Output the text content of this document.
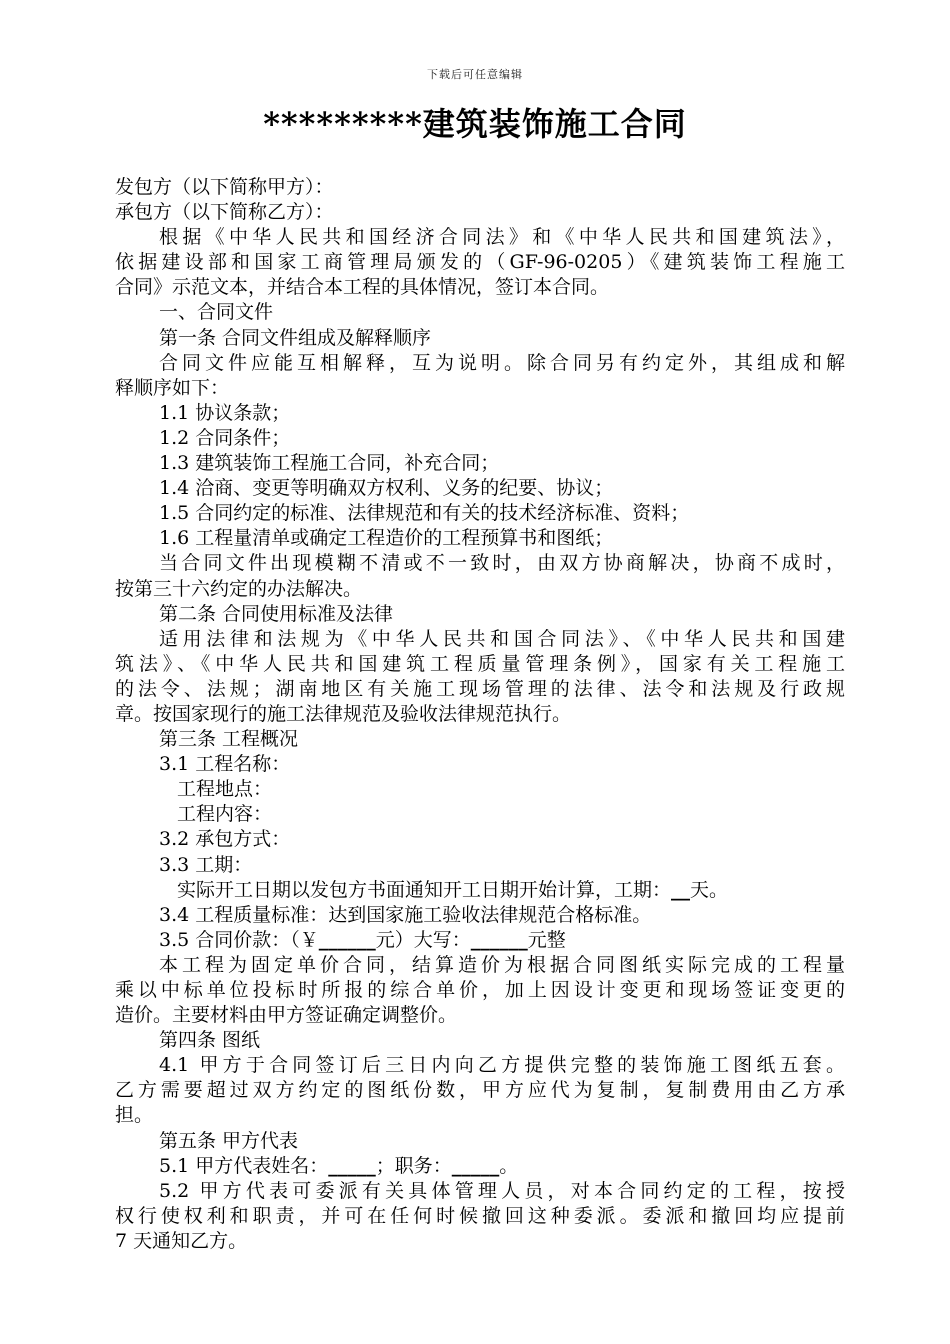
下载后可任意编辑
*********建筑装饰施工合同
发包方（以下简称甲方）：
承包方（以下简称乙方）：
根据《中华人民共和国经济合同法》和《中华人民共和国建筑法》，
依据建设部和国家工商管理局颁发的（GF-96-0205）《建筑装饰工程施工
合同》示范文本，并结合本工程的具体情况，签订本合同。
一、合同文件
第一条 合同文件组成及解释顺序
合同文件应能互相解释，互为说明。除合同另有约定外，其组成和解
释顺序如下：
1.1 协议条款；
1.2 合同条件；
1.3 建筑装饰工程施工合同，补充合同；
1.4 洽商、变更等明确双方权利、义务的纪要、协议；
1.5 合同约定的标准、法律规范和有关的技术经济标准、资料；
1.6 工程量清单或确定工程造价的工程预算书和图纸；
当合同文件出现模糊不清或不一致时，由双方协商解决，协商不成时，
按第三十六约定的办法解决。
第二条 合同使用标准及法律
适用法律和法规为《中华人民共和国合同法》、《中华人民共和国建
筑法》、《中华人民共和国建筑工程质量管理条例》，国家有关工程施工
的法令、法规；湖南地区有关施工现场管理的法律、法令和法规及行政规
章。按国家现行的施工法律规范及验收法律规范执行。
第三条 工程概况
3.1 工程名称：
工程地点：
工程内容：
3.2 承包方式：
3.3 工期：
实际开工日期以发包方书面通知开工日期开始计算，工期：__天。
3.4 工程质量标准：达到国家施工验收法律规范合格标准。
3.5 合同价款：（￥______元）大写：______元整
本工程为固定单价合同，结算造价为根据合同图纸实际完成的工程量
乘以中标单位投标时所报的综合单价，加上因设计变更和现场签证变更的
造价。主要材料由甲方签证确定调整价。
第四条 图纸
4.1 甲方于合同签订后三日内向乙方提供完整的装饰施工图纸五套。
乙方需要超过双方约定的图纸份数，甲方应代为复制，复制费用由乙方承
担。
第五条 甲方代表
5.1 甲方代表姓名：_____；职务：_____。
5.2 甲方代表可委派有关具体管理人员，对本合同约定的工程，按授
权行使权利和职责，并可在任何时候撤回这种委派。委派和撤回均应提前
7 天通知乙方。
